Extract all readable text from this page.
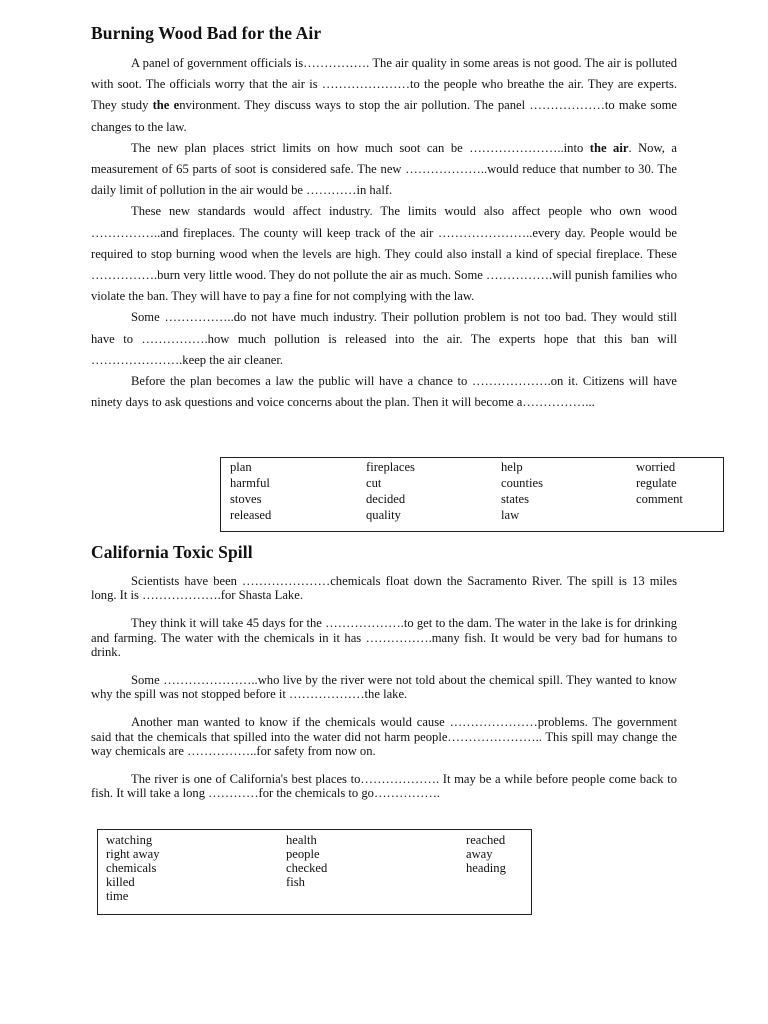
Burning Wood Bad for the Air

A panel of government officials is……………. The air quality in some areas is not good. The air is polluted with soot. The officials worry that the air is …………………to the people who breathe the air. They are experts. They study the environment. They discuss ways to stop the air pollution. The panel ………………to make some changes to the law.

The new plan places strict limits on how much soot can be …………………..into the air. Now, a measurement of 65 parts of soot is considered safe. The new ………………..would reduce that number to 30. The daily limit of pollution in the air would be …………in half.

These new standards would affect industry. The limits would also affect people who own wood ……………..and fireplaces. The county will keep track of the air …………………..every day. People would be required to stop burning wood when the levels are high. They could also install a kind of special fireplace. These …………….burn very little wood. They do not pollute the air as much. Some …………….will punish families who violate the ban. They will have to pay a fine for not complying with the law.

Some ……………..do not have much industry. Their pollution problem is not too bad. They would still have to …………….how much pollution is released into the air. The experts hope that this ban will ………………….keep the air cleaner.

Before the plan becomes a law the public will have a chance to ……………….on it. Citizens will have ninety days to ask questions and voice concerns about the plan. Then it will become a……………...

plan	fireplaces	help	worried
harmful	cut	counties	regulate
stoves	decided	states	comment
released	quality	law
California Toxic Spill

Scientists have been …………………chemicals float down the Sacramento River. The spill is 13 miles long. It is ……………….for Shasta Lake.

They think it will take 45 days for the ……………….to get to the dam. The water in the lake is for drinking and farming. The water with the chemicals in it has …………….many fish. It would be very bad for humans to drink.

Some …………………..who live by the river were not told about the chemical spill. They wanted to know why the spill was not stopped before it ………………the lake.

Another man wanted to know if the chemicals would cause …………………problems. The government said that the chemicals that spilled into the water did not harm people………………….. This spill may change the way chemicals are ……………..for safety from now on.

The river is one of California's best places to………………. It may be a while before people come back to fish. It will take a long …………for the chemicals to go…………….

watching	health	reached
right away	people	away
chemicals	checked	heading
killed	fish
time
